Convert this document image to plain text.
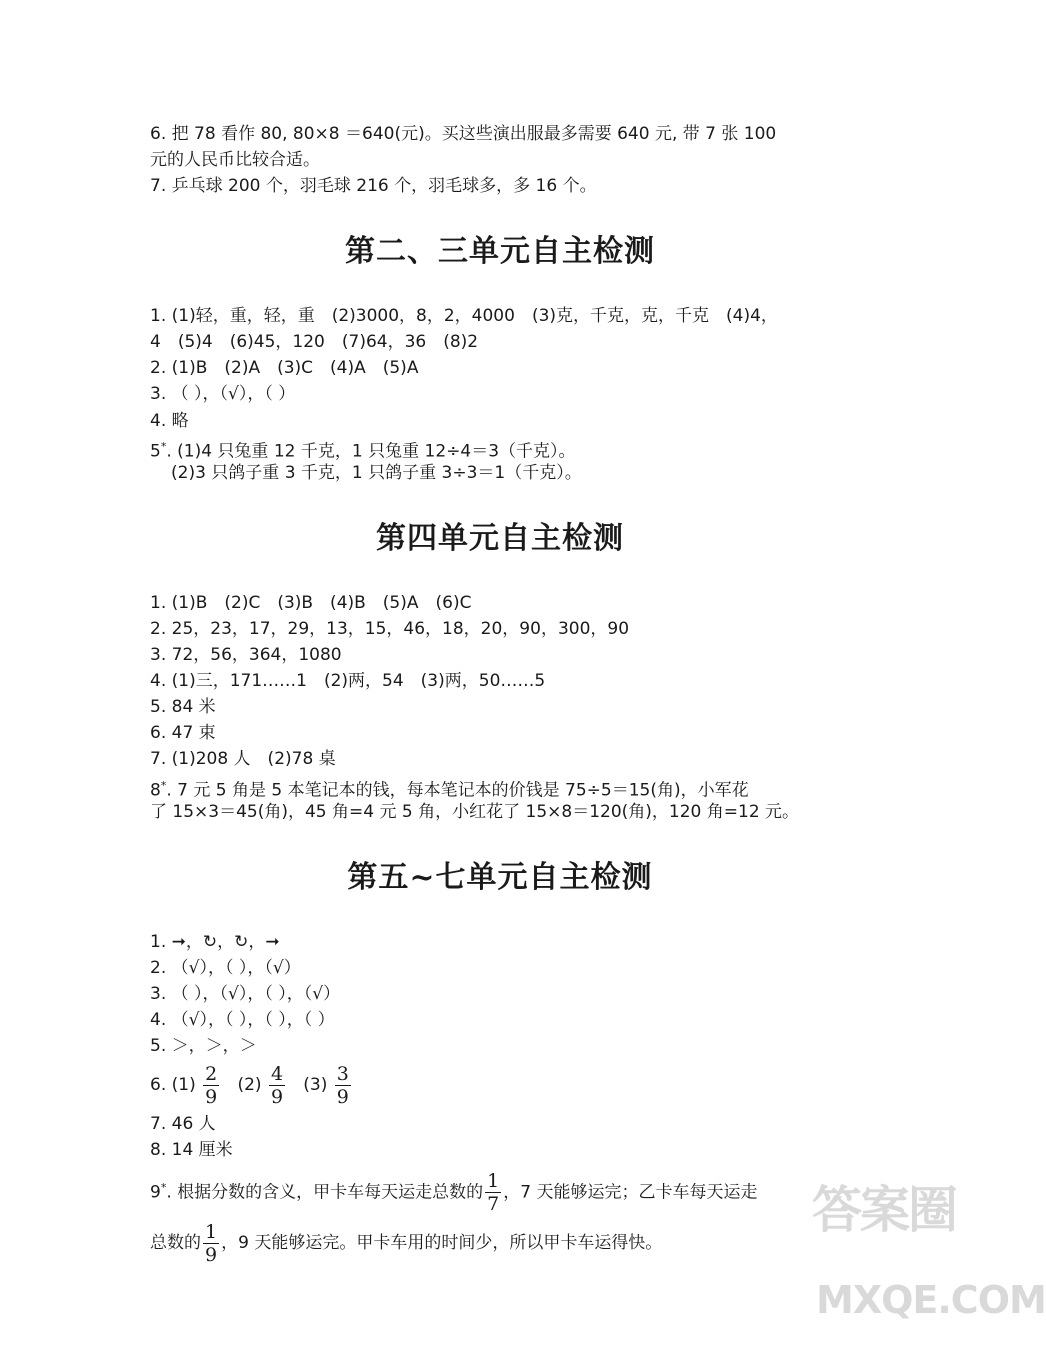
6. 把 78 看作 80, 80×8 ＝640(元)。买这些演出服最多需要 640 元, 带 7 张 100
元的人民币比较合适。
7. 乒乓球 200 个，羽毛球 216 个，羽毛球多，多 16 个。
第二、三单元自主检测
1. (1)轻，重，轻，重　(2)3000，8，2，4000　(3)克，千克，克，千克　(4)4，
4　(5)4　(6)45，120　(7)64，36　(8)2
2. (1)B　(2)A　(3)C　(4)A　(5)A
3. （ ），（√），（ ）
4. 略
5*. (1)4 只兔重 12 千克，1 只兔重 12÷4＝3（千克）。
(2)3 只鸽子重 3 千克，1 只鸽子重 3÷3＝1（千克）。
第四单元自主检测
1. (1)B　(2)C　(3)B　(4)B　(5)A　(6)C
2. 25，23，17，29，13，15，46，18，20，90，300，90
3. 72，56，364，1080
4. (1)三，171……1　(2)两，54　(3)两，50……5
5. 84 米
6. 47 束
7. (1)208 人　(2)78 桌
8*. 7 元 5 角是 5 本笔记本的钱，每本笔记本的价钱是 75÷5＝15(角)，小军花
了 15×3＝45(角)，45 角=4 元 5 角，小红花了 15×8＝120(角)，120 角=12 元。
第五~七单元自主检测
1. ➞，↻，↻，➞
2. （√），（ ），（√）
3. （ ），（√），（ ），（√）
4. （√），（ ），（ ），（ ）
5. ＞，＞，＞
6. $(1) \frac{2}{9} (2) \frac{4}{9} (3) \frac{3}{9}$
7. 46 人
8. 14 厘米
9*. 根据分数的含义，甲卡车每天运走总数的 $\frac{1}{7}$ ，7 天能够运完；乙卡车每天运走
总数的 $\frac{1}{9}$ ，9 天能够运完。甲卡车用的时间少，所以甲卡车运得快。
答案圈
MXQE.COM
